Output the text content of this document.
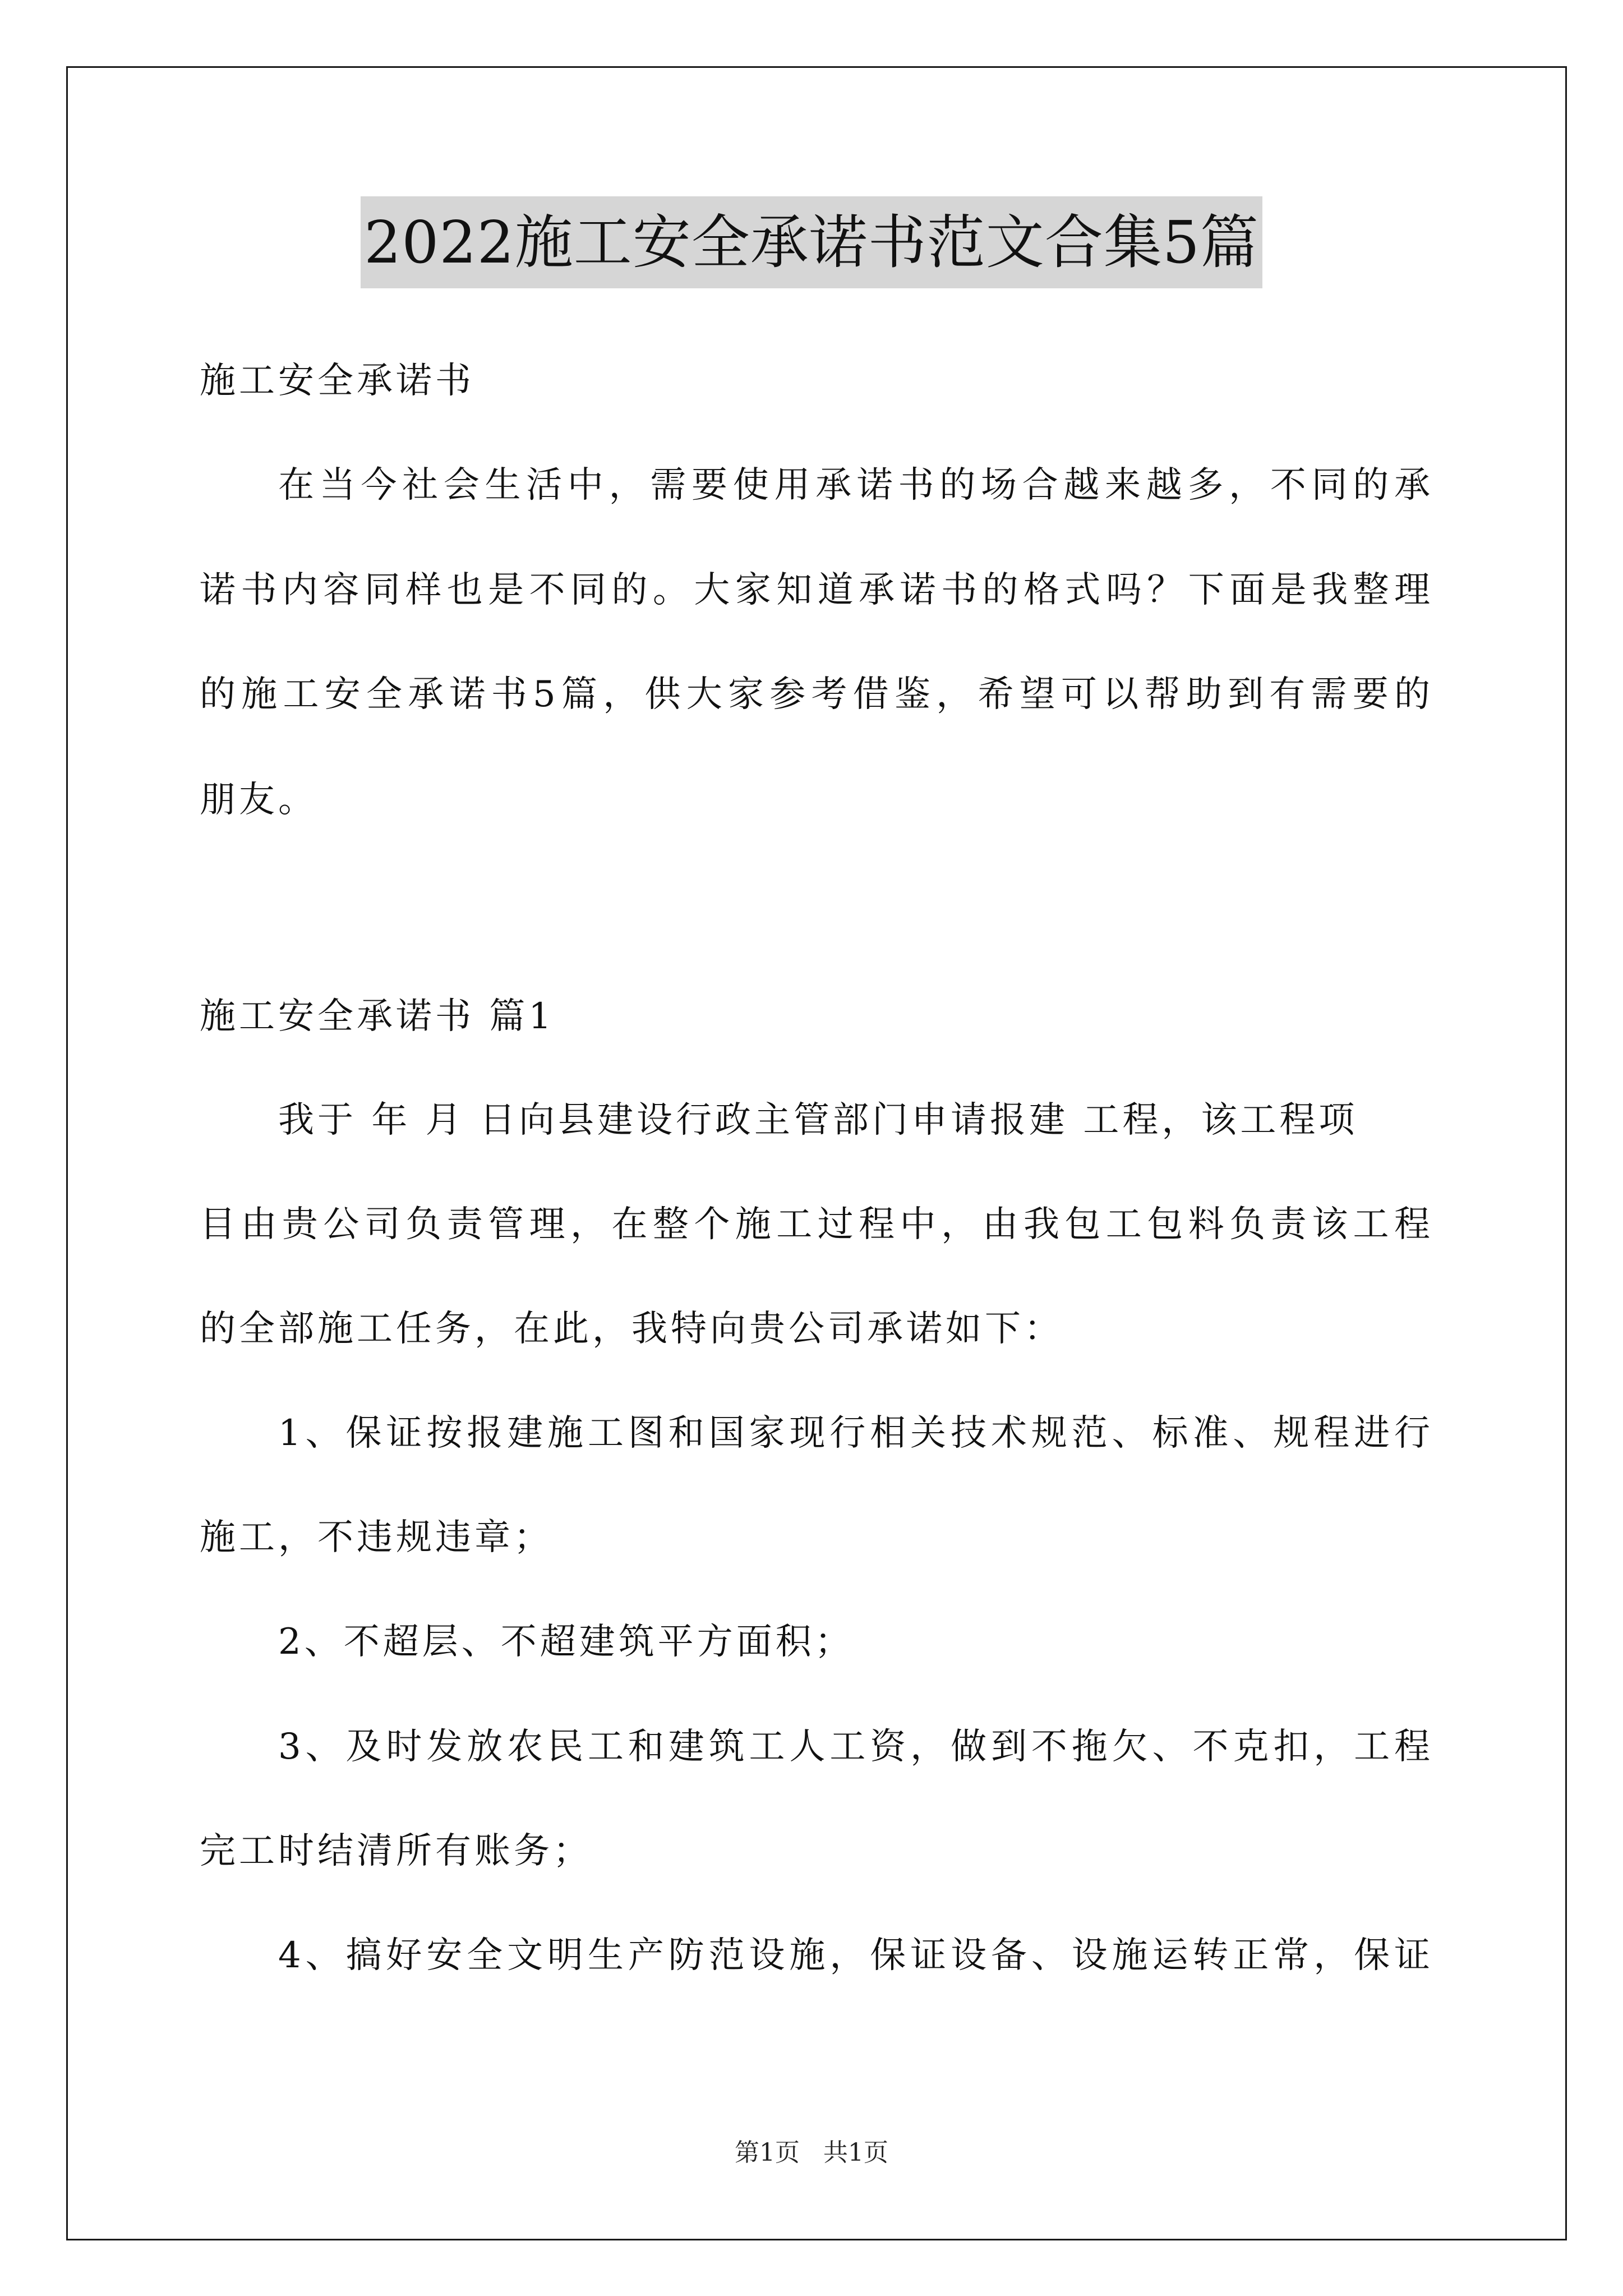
2022施工安全承诺书范文合集5篇
施工安全承诺书
在当今社会生活中，需要使用承诺书的场合越来越多，不同的承
诺书内容同样也是不同的。大家知道承诺书的格式吗？下面是我整理
的施工安全承诺书5篇，供大家参考借鉴，希望可以帮助到有需要的
朋友。
施工安全承诺书 篇1
我于 年 月 日向县建设行政主管部门申请报建 工程，该工程项
目由贵公司负责管理，在整个施工过程中，由我包工包料负责该工程
的全部施工任务，在此，我特向贵公司承诺如下：
1、保证按报建施工图和国家现行相关技术规范、标准、规程进行
施工，不违规违章；
2、不超层、不超建筑平方面积；
3、及时发放农民工和建筑工人工资，做到不拖欠、不克扣，工程
完工时结清所有账务；
4、搞好安全文明生产防范设施，保证设备、设施运转正常，保证
第1页   共1页
